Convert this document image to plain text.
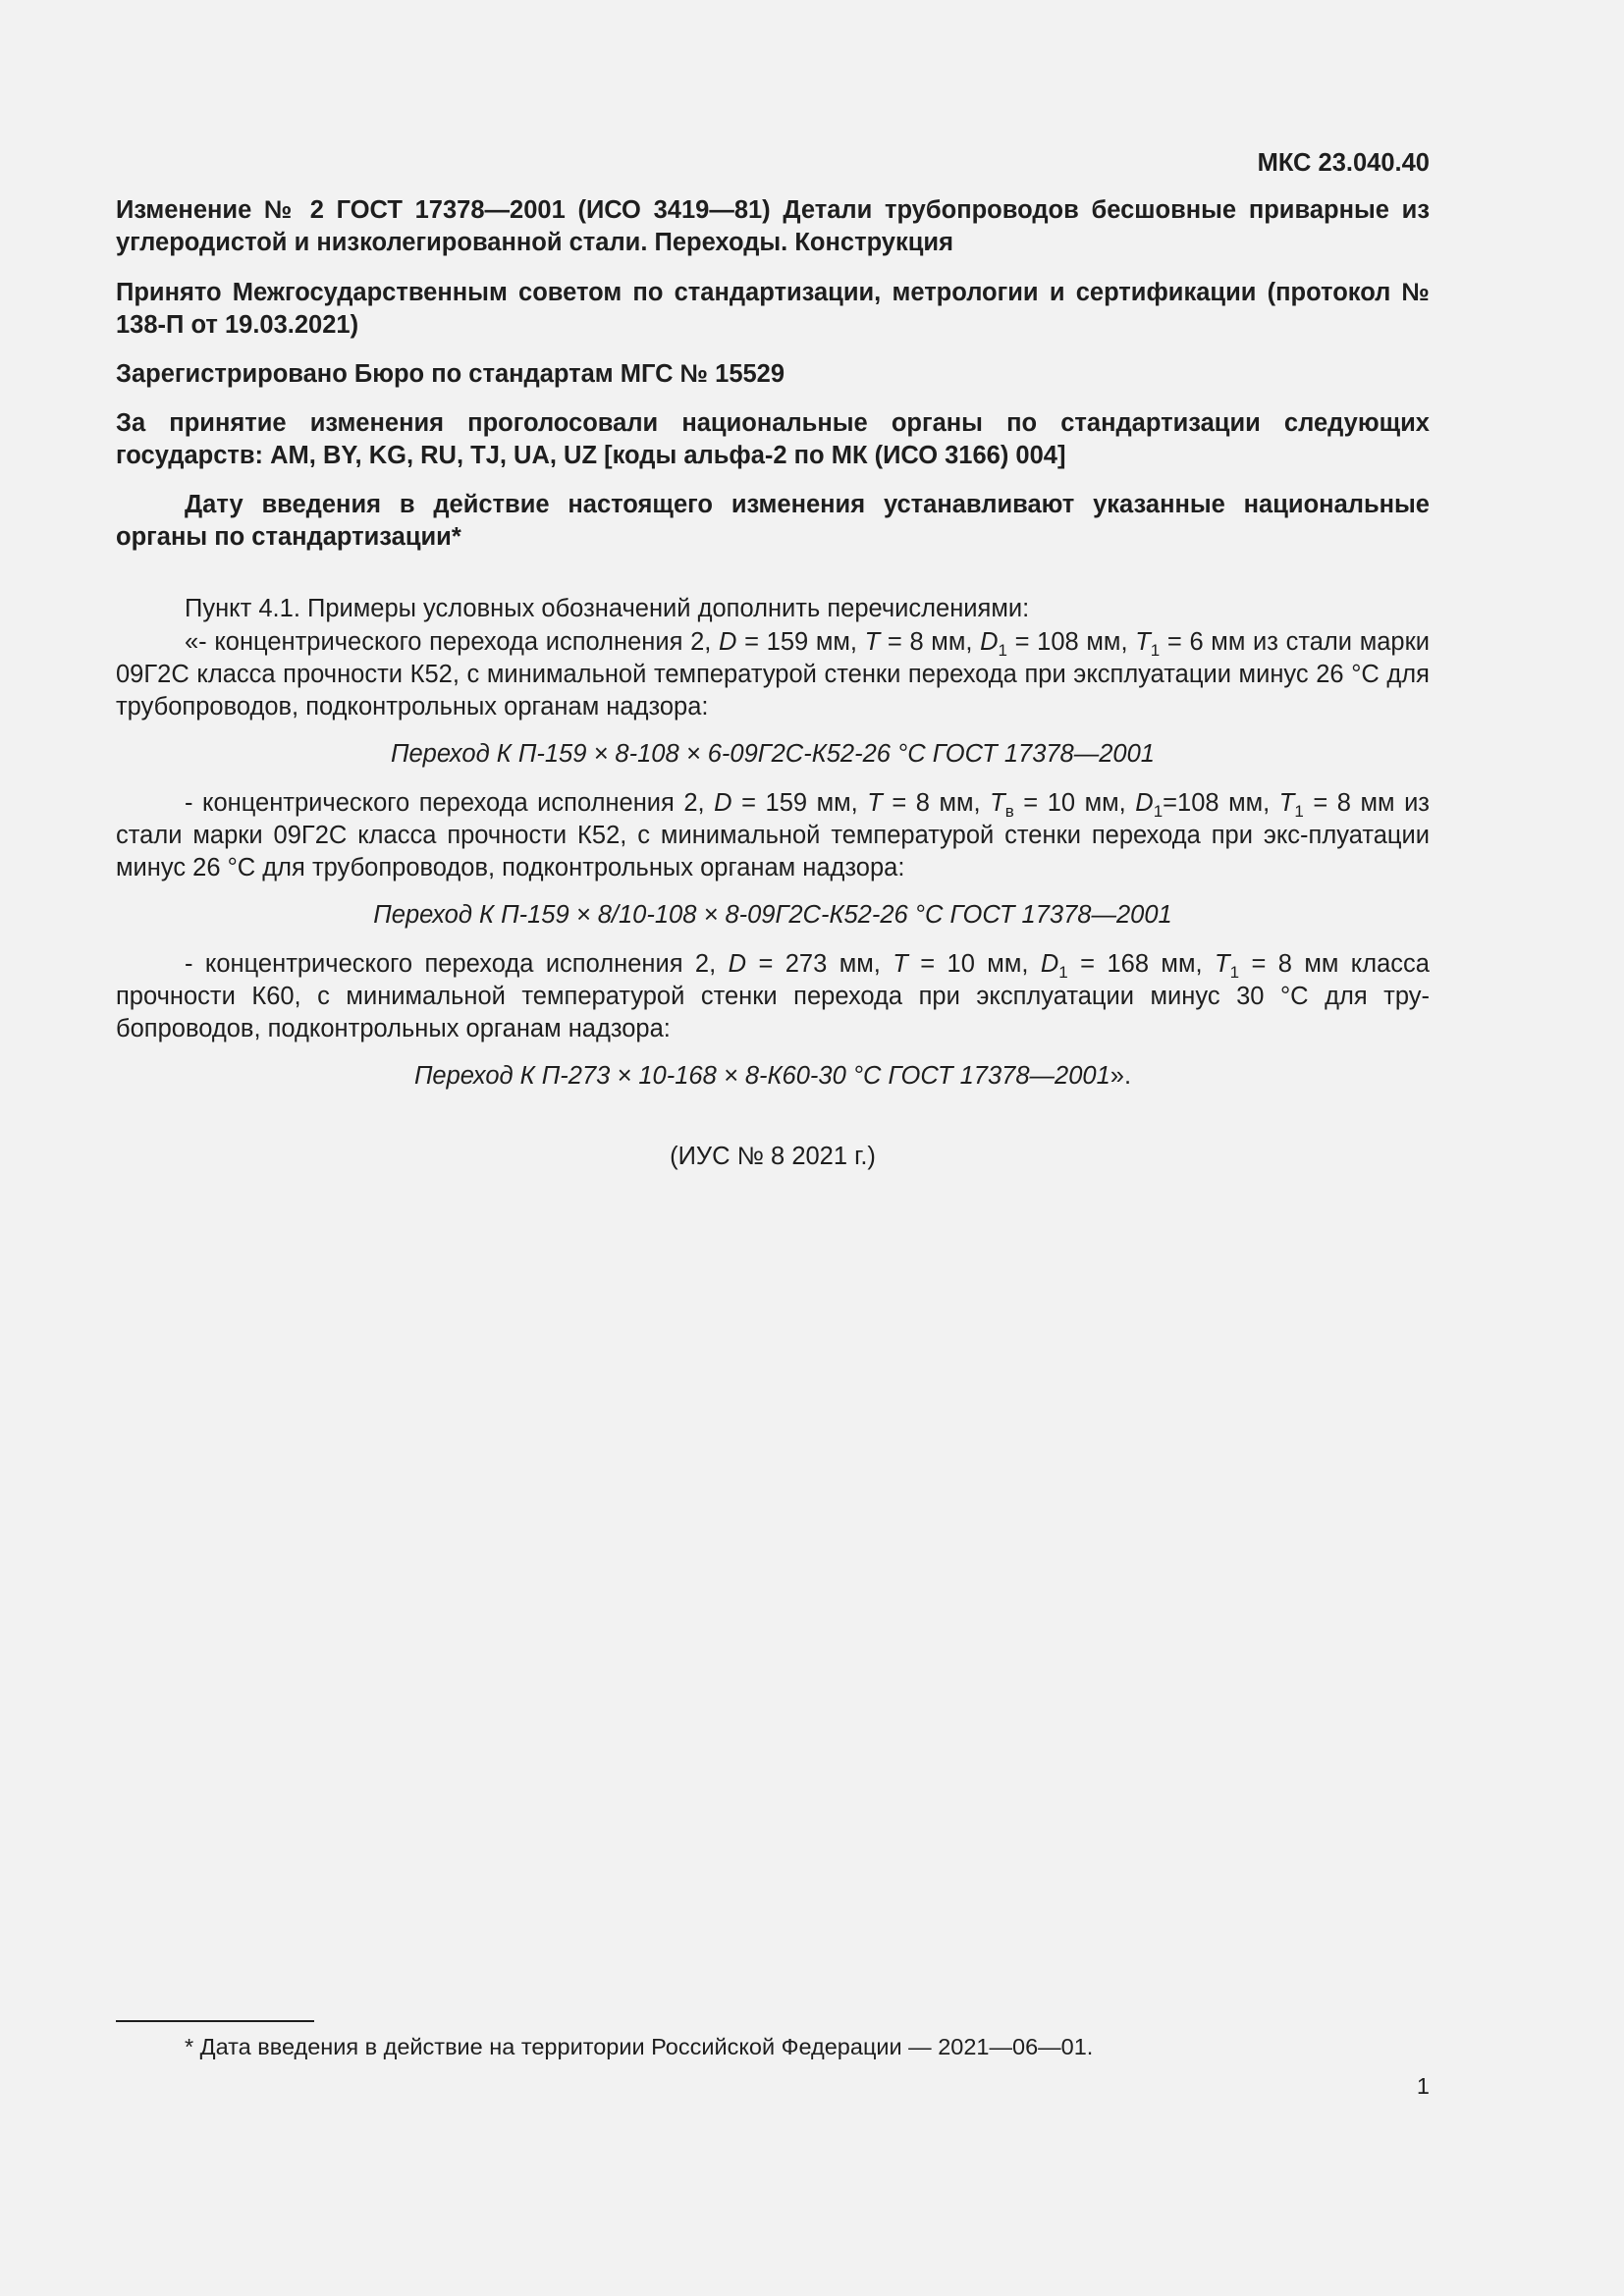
МКС 23.040.40

Изменение № 2 ГОСТ 17378—2001 (ИСО 3419—81) Детали трубопроводов бесшовные приварные из углеродистой и низколегированной стали. Переходы. Конструкция

Принято Межгосударственным советом по стандартизации, метрологии и сертификации (протокол № 138-П от 19.03.2021)

Зарегистрировано Бюро по стандартам МГС № 15529

За принятие изменения проголосовали национальные органы по стандартизации следующих государств: AM, BY, KG, RU, TJ, UA, UZ [коды альфа-2 по МК (ИСО 3166) 004]

Дату введения в действие настоящего изменения устанавливают указанные национальные органы по стандартизации*

Пункт 4.1. Примеры условных обозначений дополнить перечислениями:

«- концентрического перехода исполнения 2, D = 159 мм, T = 8 мм, $D_1 = 108$ мм, $T_1 = 6$ мм из стали марки 09Г2С класса прочности К52, с минимальной температурой стенки перехода при эксплуатации минус 26 °С для трубопроводов, подконтрольных органам надзора:

Переход К П-159 × 8-108 × 6-09Г2С-К52-26 °С ГОСТ 17378—2001

- концентрического перехода исполнения 2, D = 159 мм, T = 8 мм, $T_в = 10$ мм, $D_1=108$ мм, $T_1 = 8$ мм из стали марки 09Г2С класса прочности К52, с минимальной температурой стенки перехода при экс-плуатации минус 26 °С для трубопроводов, подконтрольных органам надзора:

Переход К П-159 × 8/10-108 × 8-09Г2С-К52-26 °С ГОСТ 17378—2001

- концентрического перехода исполнения 2, D = 273 мм, T = 10 мм, $D_1 = 168$ мм, $T_1 = 8$ мм класса прочности К60, с минимальной температурой стенки перехода при эксплуатации минус 30 °С для тру-бопроводов, подконтрольных органам надзора:

Переход К П-273 × 10-168 × 8-К60-30 °С ГОСТ 17378—2001».

(ИУС № 8 2021 г.)

* Дата введения в действие на территории Российской Федерации — 2021—06—01.
1
